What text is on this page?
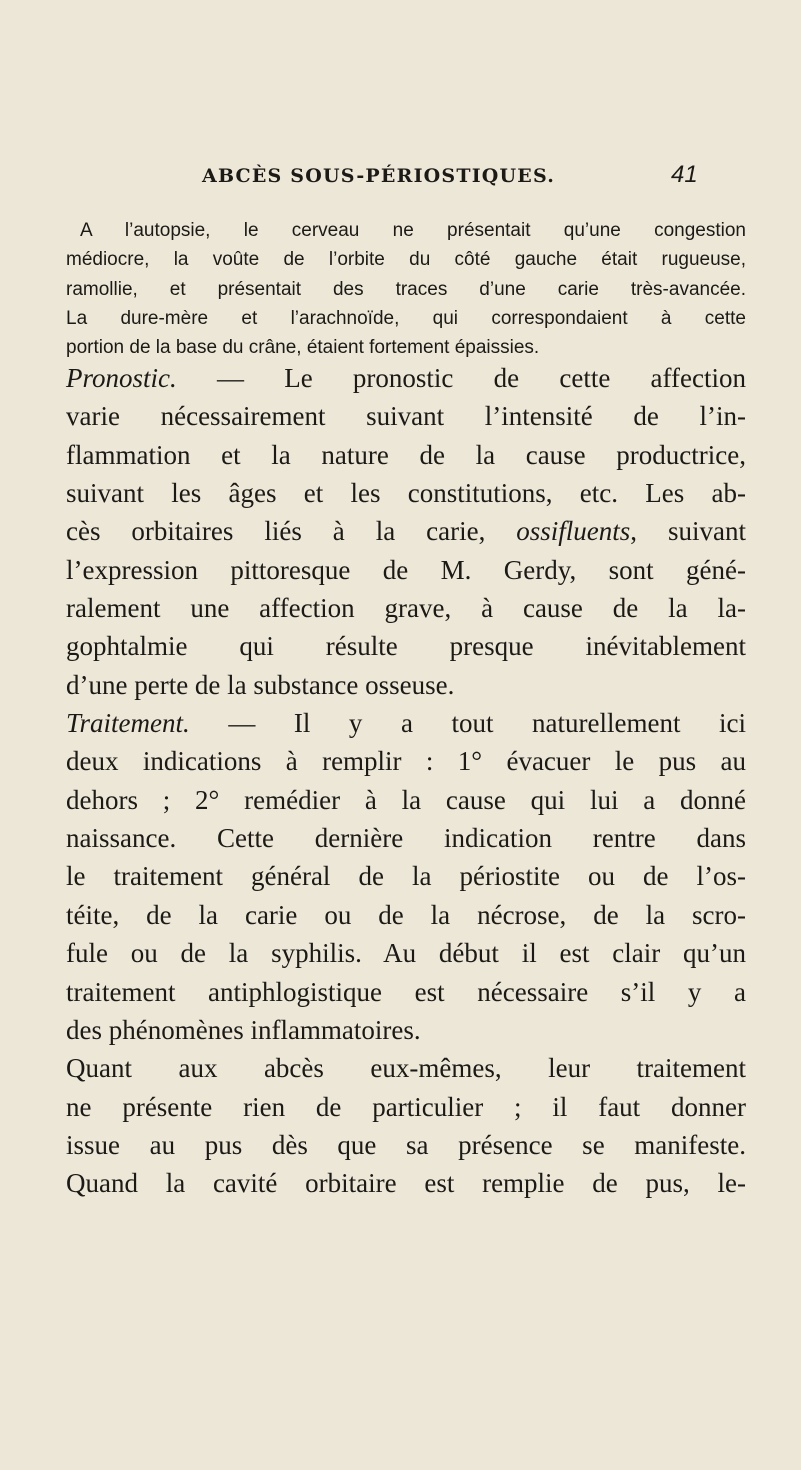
ABCÈS SOUS-PÉRIOSTIQUES.	41
A l’autopsie, le cerveau ne présentait qu’une congestion
médiocre, la voûte de l’orbite du côté gauche était rugueuse,
ramollie, et présentait des traces d’une carie très-avancée.
La dure-mère et l’arachnoïde, qui correspondaient à cette
portion de la base du crâne, étaient fortement épaissies.
Pronostic. — Le pronostic de cette affection
varie nécessairement suivant l’intensité de l’in-
flammation et la nature de la cause productrice,
suivant les âges et les constitutions, etc. Les ab-
cès orbitaires liés à la carie, ossifluents, suivant
l’expression pittoresque de M. Gerdy, sont géné-
ralement une affection grave, à cause de la la-
gophtalmie qui résulte presque inévitablement
d’une perte de la substance osseuse.
Traitement. — Il y a tout naturellement ici
deux indications à remplir : 1° évacuer le pus au
dehors ; 2° remédier à la cause qui lui a donné
naissance. Cette dernière indication rentre dans
le traitement général de la périostite ou de l’os-
téite, de la carie ou de la nécrose, de la scro-
fule ou de la syphilis. Au début il est clair qu’un
traitement antiphlogistique est nécessaire s’il y a
des phénomènes inflammatoires.
Quant aux abcès eux-mêmes, leur traitement
ne présente rien de particulier ; il faut donner
issue au pus dès que sa présence se manifeste.
Quand la cavité orbitaire est remplie de pus, le-
